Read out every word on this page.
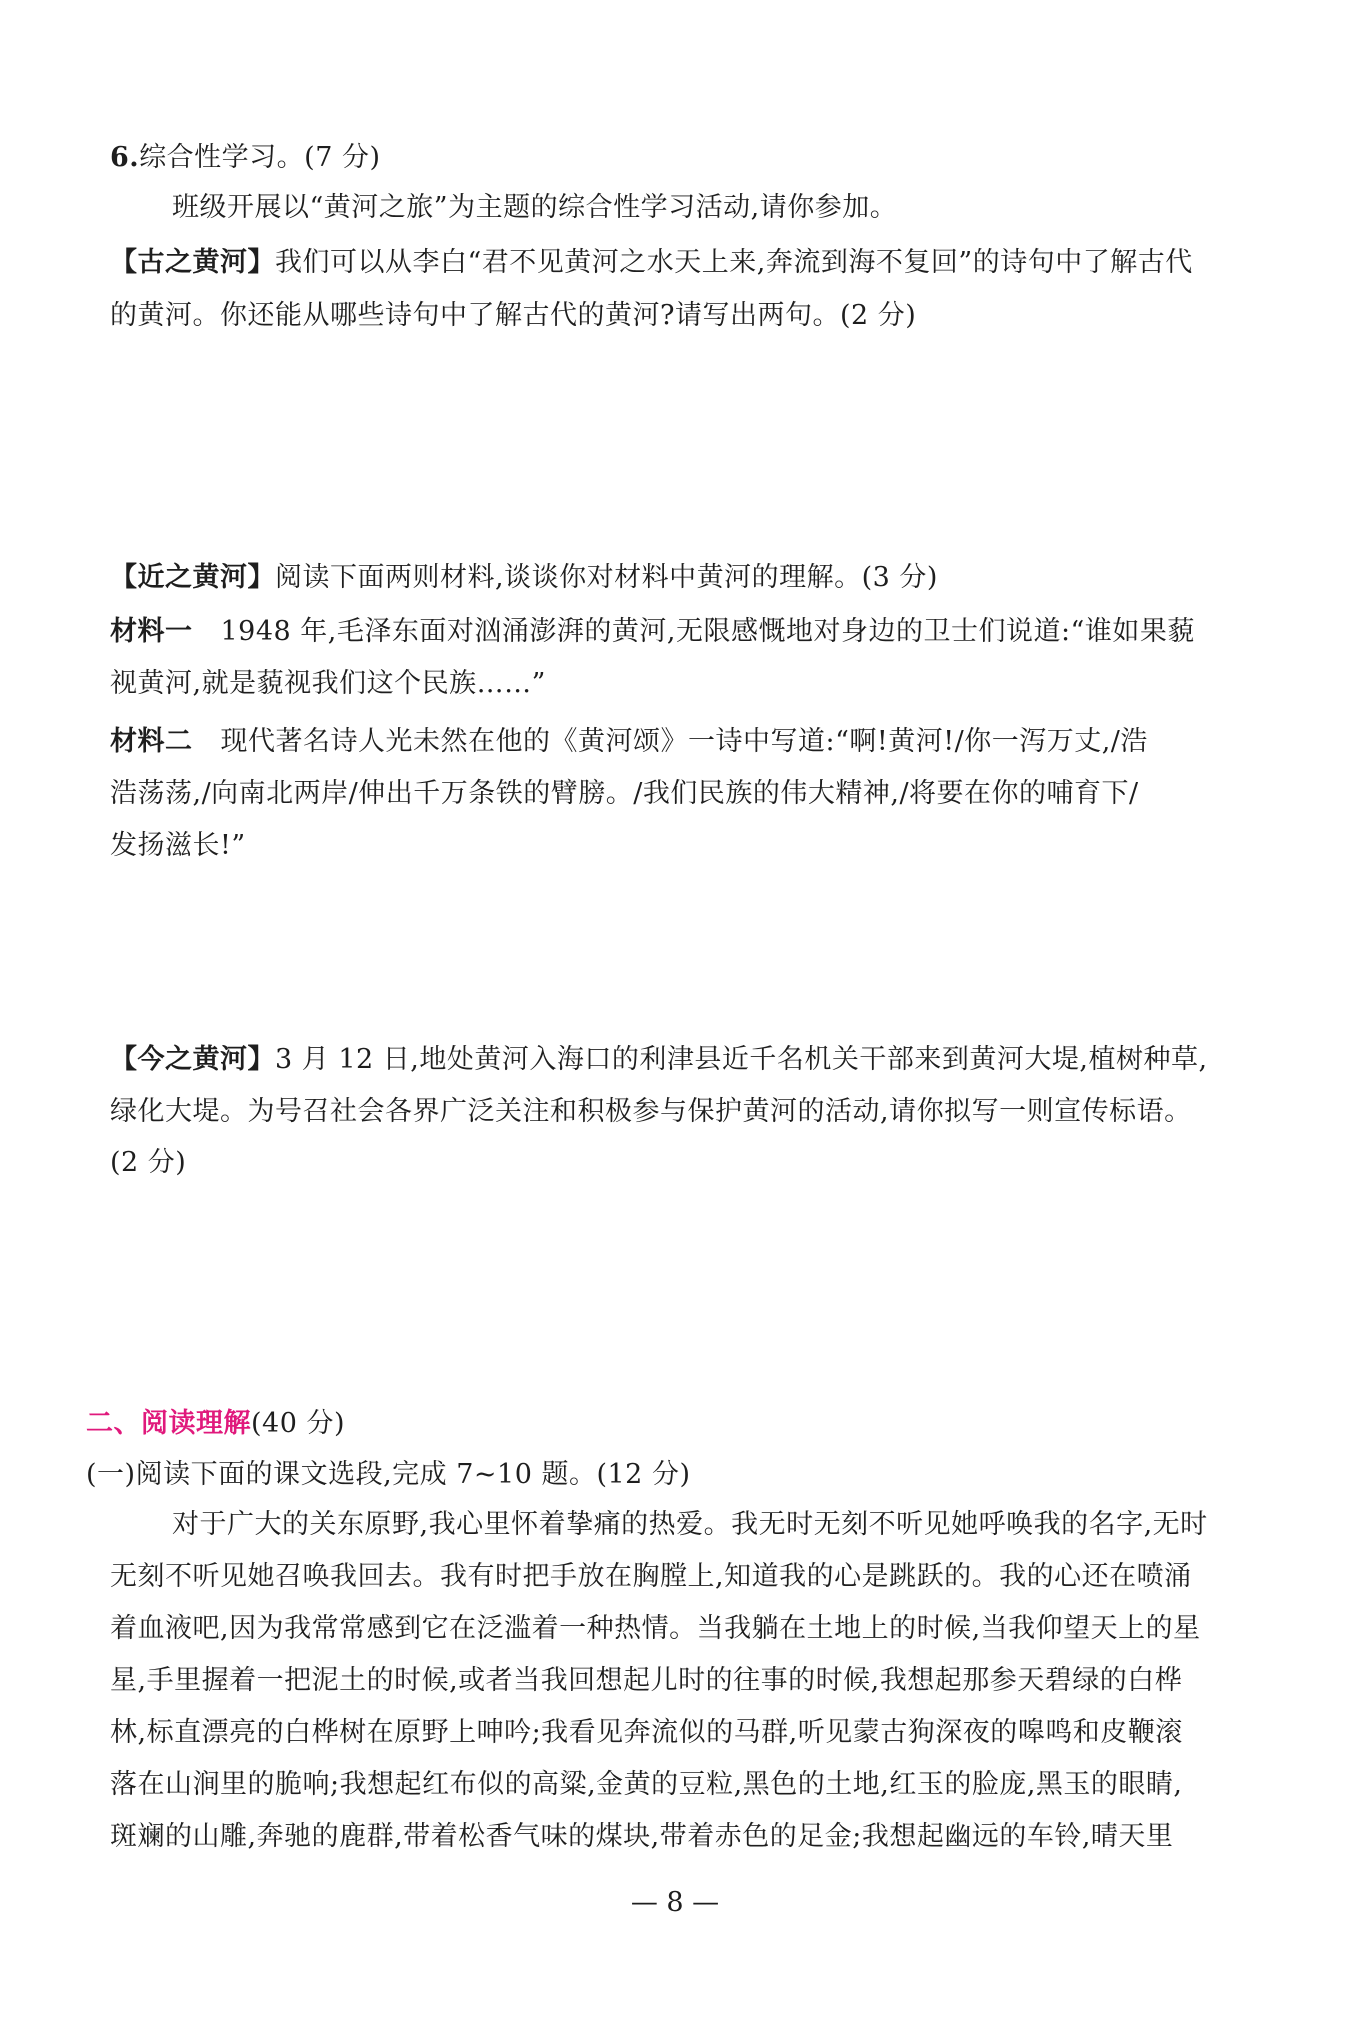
6.综合性学习。(7 分)
班级开展以“黄河之旅”为主题的综合性学习活动,请你参加。
【古之黄河】我们可以从李白“君不见黄河之水天上来,奔流到海不复回”的诗句中了解古代
的黄河。你还能从哪些诗句中了解古代的黄河?请写出两句。(2 分)
【近之黄河】阅读下面两则材料,谈谈你对材料中黄河的理解。(3 分)
材料一 1948 年,毛泽东面对汹涌澎湃的黄河,无限感慨地对身边的卫士们说道:“谁如果藐
视黄河,就是藐视我们这个民族……”
材料二 现代著名诗人光未然在他的《黄河颂》一诗中写道:“啊!黄河!/你一泻万丈,/浩
浩荡荡,/向南北两岸/伸出千万条铁的臂膀。/我们民族的伟大精神,/将要在你的哺育下/
发扬滋长!”
【今之黄河】3 月 12 日,地处黄河入海口的利津县近千名机关干部来到黄河大堤,植树种草,
绿化大堤。为号召社会各界广泛关注和积极参与保护黄河的活动,请你拟写一则宣传标语。
(2 分)
二、阅读理解(40 分)
(一)阅读下面的课文选段,完成 7~10 题。(12 分)
对于广大的关东原野,我心里怀着挚痛的热爱。我无时无刻不听见她呼唤我的名字,无时
无刻不听见她召唤我回去。我有时把手放在胸膛上,知道我的心是跳跃的。我的心还在喷涌
着血液吧,因为我常常感到它在泛滥着一种热情。当我躺在土地上的时候,当我仰望天上的星
星,手里握着一把泥土的时候,或者当我回想起儿时的往事的时候,我想起那参天碧绿的白桦
林,标直漂亮的白桦树在原野上呻吟;我看见奔流似的马群,听见蒙古狗深夜的嗥鸣和皮鞭滚
落在山涧里的脆响;我想起红布似的高粱,金黄的豆粒,黑色的土地,红玉的脸庞,黑玉的眼睛,
斑斓的山雕,奔驰的鹿群,带着松香气味的煤块,带着赤色的足金;我想起幽远的车铃,晴天里
— 8 —
